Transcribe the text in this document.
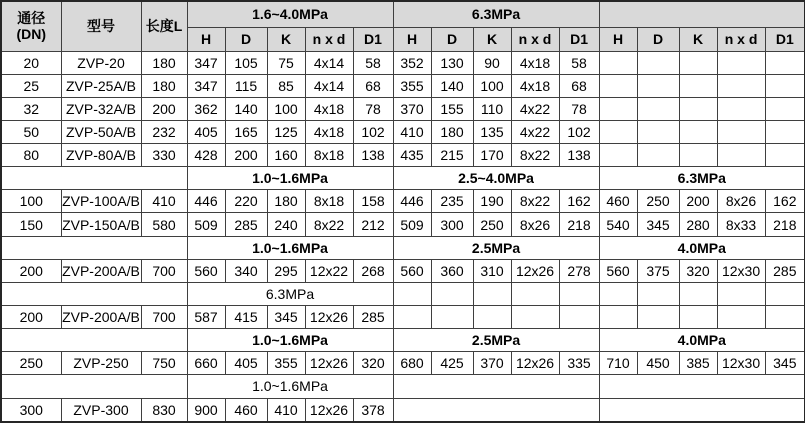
通径
(DN)	型号	长度L	1.6~4.0MPa					6.3MPa									
			H	D	K	n x d	D1	H	D	K	n x d	D1	H	D	K	n x d	D1
20	ZVP-20	180	347	105	75	4x14	58	352	130	90	4x18	58					
25	ZVP-25A/B	180	347	115	85	4x14	68	355	140	100	4x18	68					
32	ZVP-32A/B	200	362	140	100	4x18	78	370	155	110	4x22	78					
50	ZVP-50A/B	232	405	165	125	4x18	102	410	180	135	4x22	102					
80	ZVP-80A/B	330	428	200	160	8x18	138	435	215	170	8x22	138					
			1.0~1.6MPa					2.5~4.0MPa					6.3MPa				
100	ZVP-100A/B	410	446	220	180	8x18	158	446	235	190	8x22	162	460	250	200	8x26	162
150	ZVP-150A/B	580	509	285	240	8x22	212	509	300	250	8x26	218	540	345	280	8x33	218
			1.0~1.6MPa					2.5MPa					4.0MPa				
200	ZVP-200A/B	700	560	340	295	12x22	268	560	360	310	12x26	278	560	375	320	12x30	285
			6.3MPa														
200	ZVP-200A/B	700	587	415	345	12x26	285										
			1.0~1.6MPa					2.5MPa					4.0MPa				
250	ZVP-250	750	660	405	355	12x26	320	680	425	370	12x26	335	710	450	385	12x30	345
			1.0~1.6MPa														
300	ZVP-300	830	900	460	410	12x26	378										
